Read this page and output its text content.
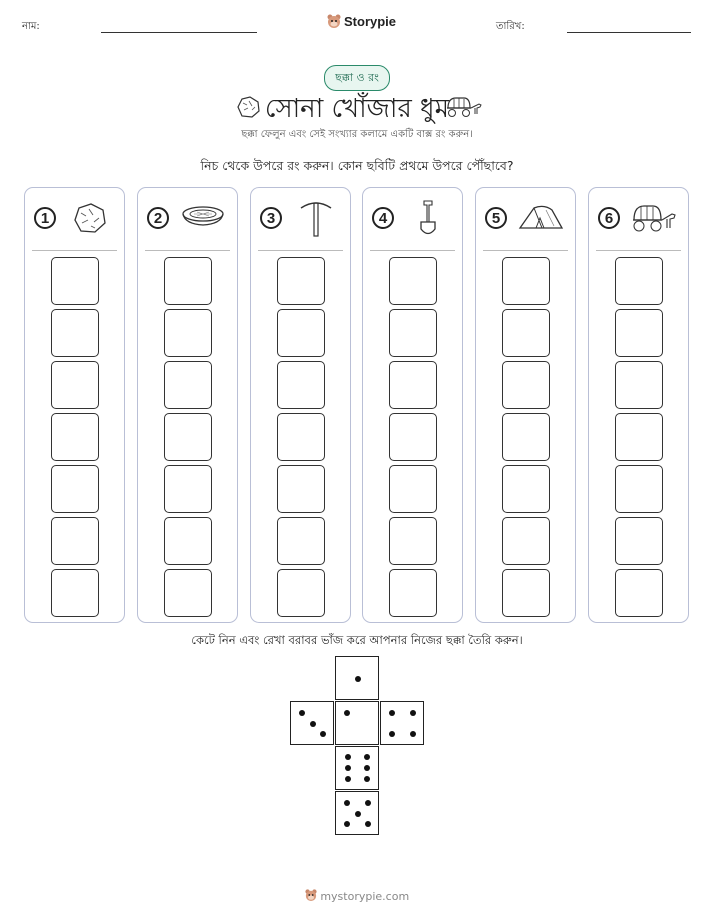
নাম:	Storypie	তারিখ:
ছক্কা ও রং
সোনা খোঁজার ধুম
ছক্কা ফেলুন এবং সেই সংখ্যার কলামে একটি বাক্স রং করুন।
নিচ থেকে উপরে রং করুন। কোন ছবিটি প্রথমে উপরে পৌঁছাবে?
1	2	3	4	5	6
কেটে নিন এবং রেখা বরাবর ভাঁজ করে আপনার নিজের ছক্কা তৈরি করুন।
mystorypie.com
